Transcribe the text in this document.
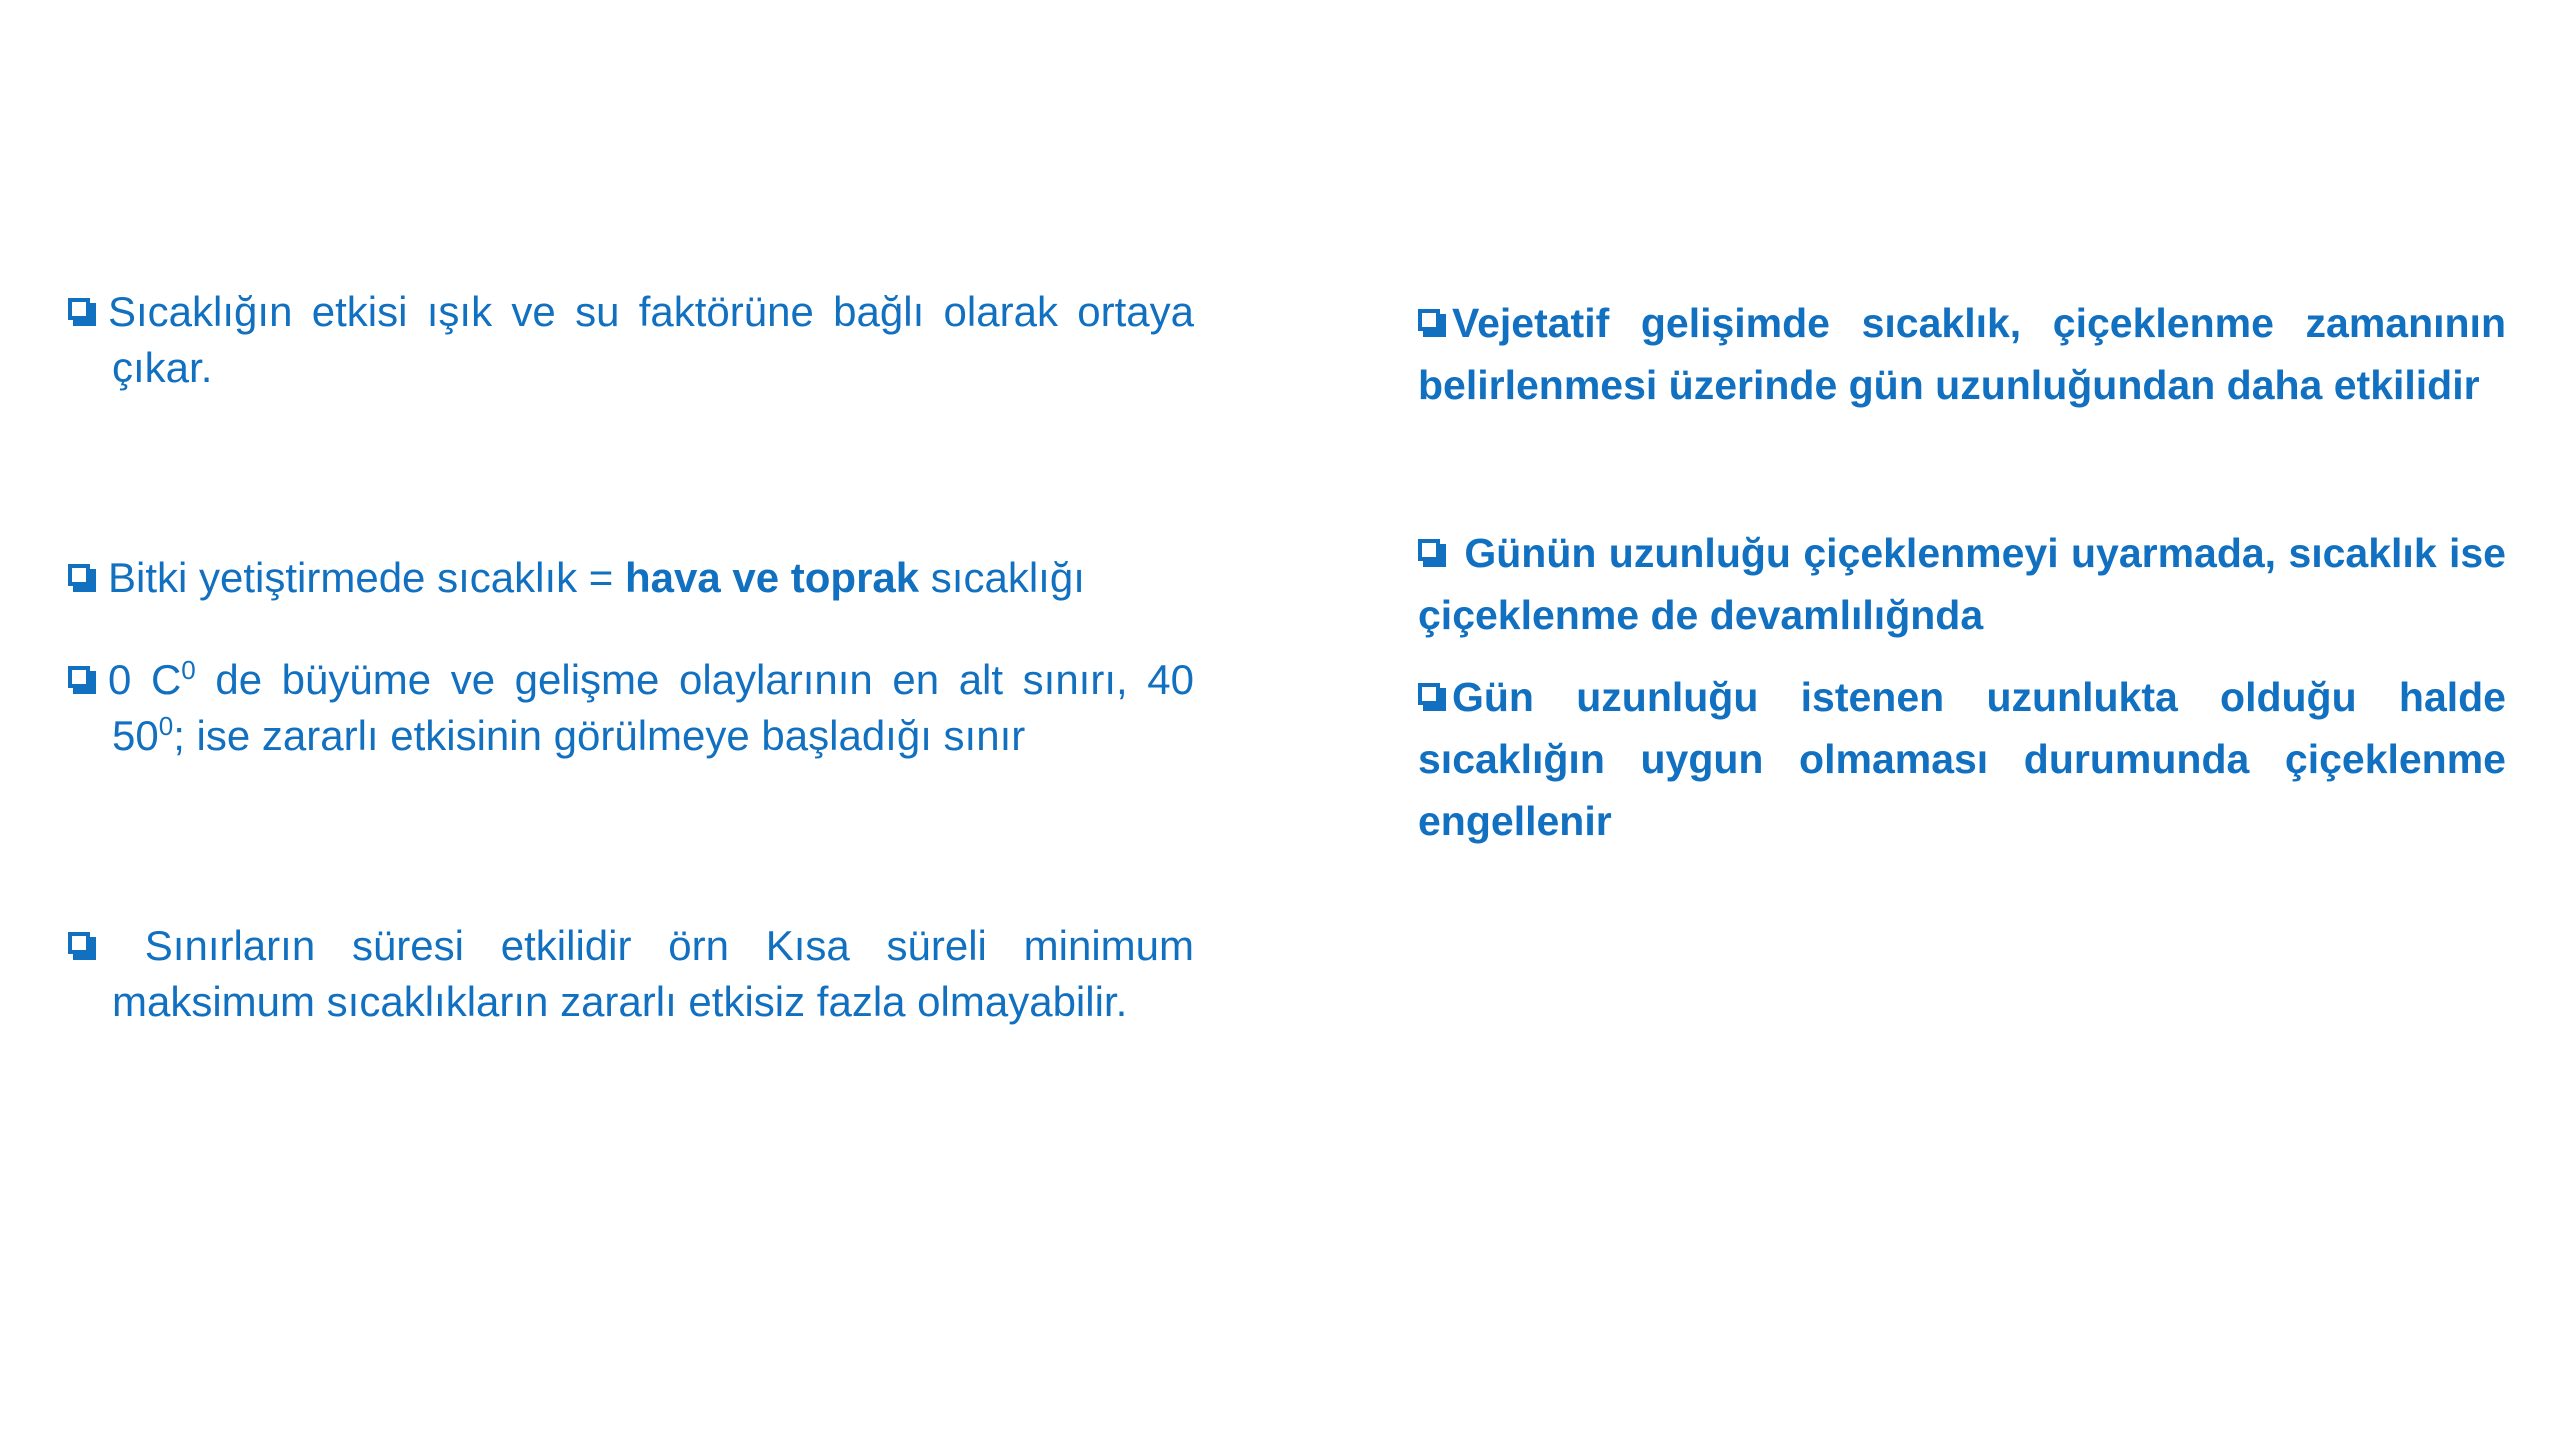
Sıcaklığın etkisi ışık ve su faktörüne bağlı olarak ortaya çıkar.
Bitki yetiştirmede sıcaklık = hava ve toprak sıcaklığı
0 $C^0$ de büyüme ve gelişme olaylarının en alt sınırı, 40 $50^0$; ise zararlı etkisinin görülmeye başladığı sınır
Sınırların süresi etkilidir örn Kısa süreli minimum maksimum sıcaklıkların zararlı etkisiz fazla olmayabilir.
Vejetatif gelişimde sıcaklık, çiçeklenme zamanının belirlenmesi üzerinde gün uzunluğundan daha etkilidir
Günün uzunluğu çiçeklenmeyi uyarmada, sıcaklık ise çiçeklenme de devamlılığnda
Gün uzunluğu istenen uzunlukta olduğu halde sıcaklığın uygun olmaması durumunda çiçeklenme engellenir
